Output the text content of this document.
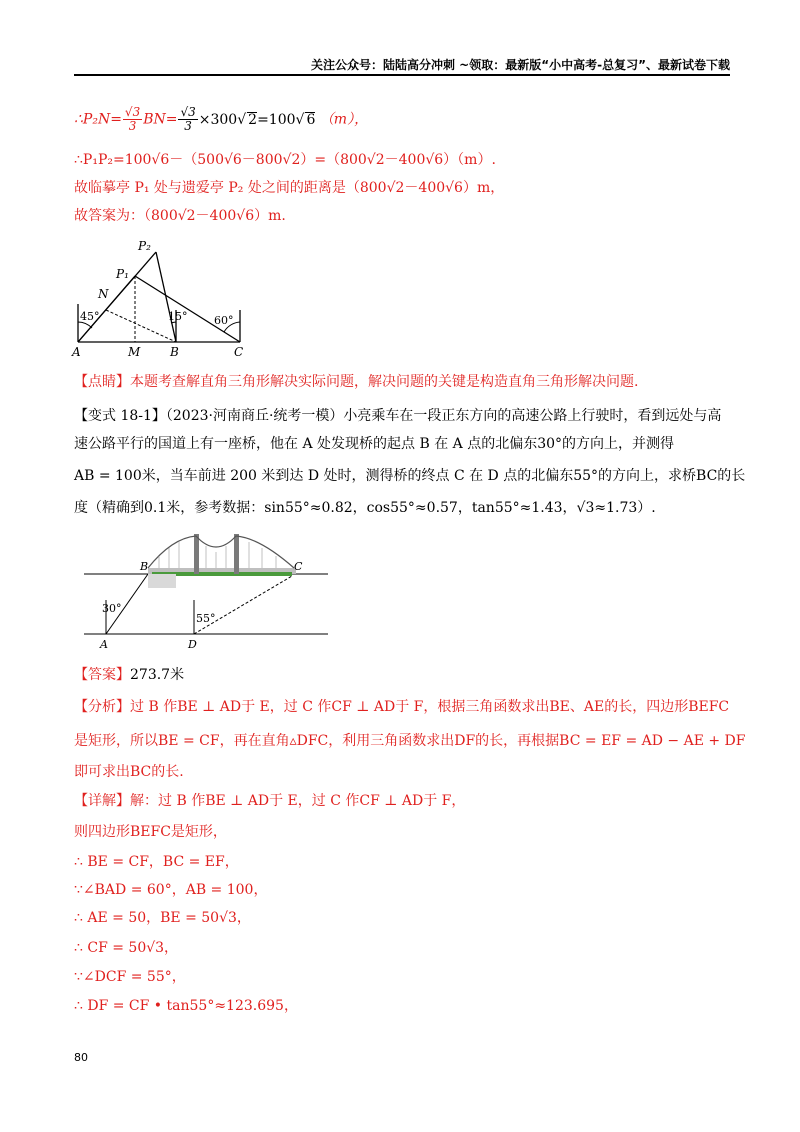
关注公众号：陆陆高分冲刺 ~领取：最新版“小中高考-总复习”、最新试卷下载
∴P₂N= $\frac{√3}{3} BN= \frac{√3}{3} \times 300√$ 2=100√ 6 （m），
∴P₁P₂=100√6－（500√6－800√2）=（800√2－400√6）（m）.
故临摹亭 P₁ 处与遗爱亭 P₂ 处之间的距离是（800√2－400√6）m，
故答案为：（800√2－400√6）m.
A	M B	C
N
P₁
P₂
45°	15° 60°
【点睛】本题考查解直角三角形解决实际问题，解决问题的关键是构造直角三角形解决问题.
【变式 18-1】（2023·河南商丘·统考一模）小亮乘车在一段正东方向的高速公路上行驶时，看到远处与高
速公路平行的国道上有一座桥，他在 A 处发现桥的起点 B 在 A 点的北偏东30°的方向上，并测得
AB = 100米，当车前进 200 米到达 D 处时，测得桥的终点 C 在 D 点的北偏东55°的方向上，求桥BC的长
度（精确到0.1米，参考数据：sin55°≈0.82，cos55°≈0.57，tan55°≈1.43，√3≈1.73）.
B	C
A	D
30°
55°
【答案】273.7米
【分析】过 B 作BE ⊥ AD于 E，过 C 作CF ⊥ AD于 F，根据三角函数求出BE、AE的长，四边形BEFC
是矩形，所以BE = CF，再在直角▵DFC，利用三角函数求出DF的长，再根据BC = EF = AD − AE + DF
即可求出BC的长.
【详解】解：过 B 作BE ⊥ AD于 E，过 C 作CF ⊥ AD于 F，
则四边形BEFC是矩形，
∴ BE = CF，BC = EF，
∵∠BAD = 60°，AB = 100，
∴ AE = 50，BE = 50√3，
∴ CF = 50√3，
∵∠DCF = 55°，
∴ DF = CF • tan55°≈123.695，
80
